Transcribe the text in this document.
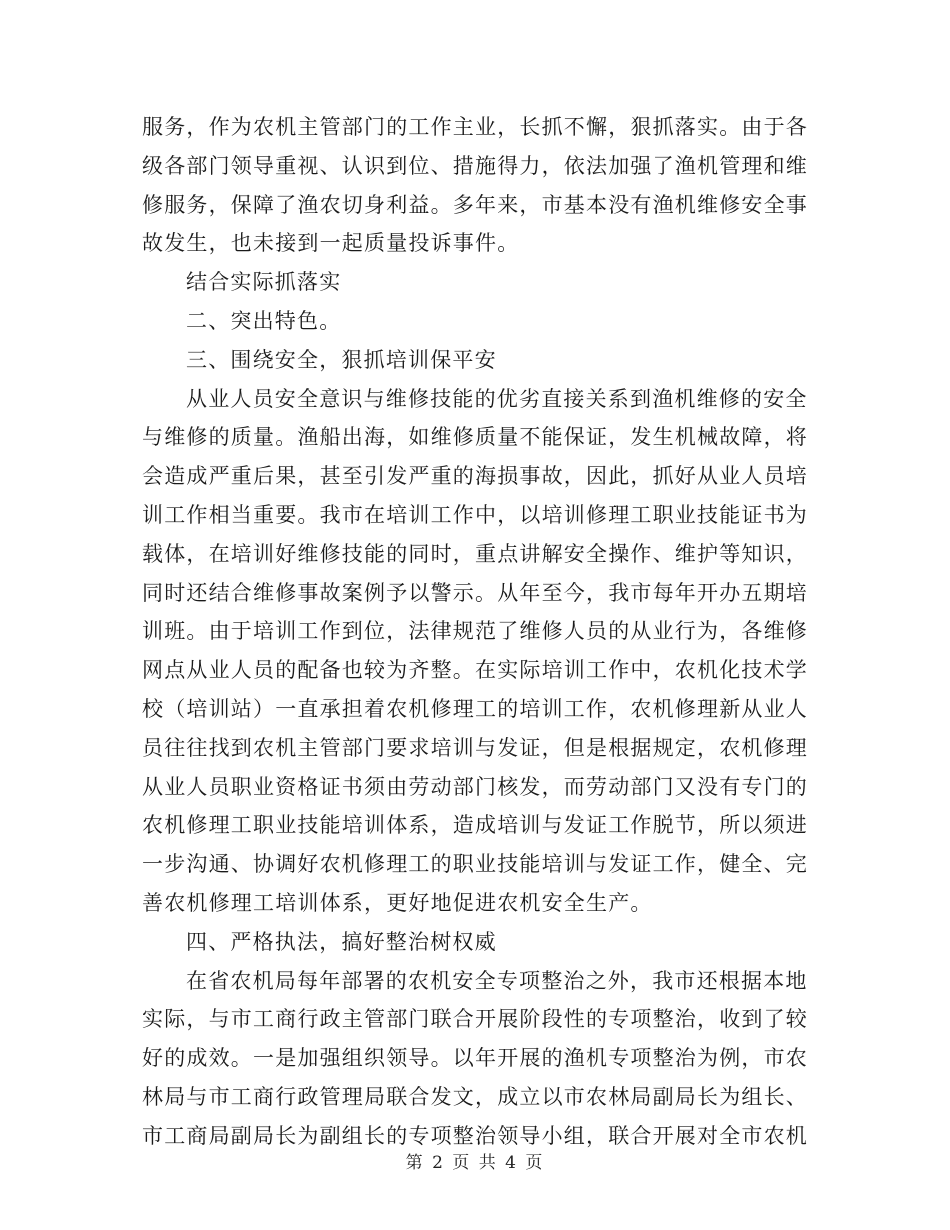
服务，作为农机主管部门的工作主业，长抓不懈，狠抓落实。由于各
级各部门领导重视、认识到位、措施得力，依法加强了渔机管理和维
修服务，保障了渔农切身利益。多年来，市基本没有渔机维修安全事
故发生，也未接到一起质量投诉事件。
结合实际抓落实
二、突出特色。
三、围绕安全，狠抓培训保平安
从业人员安全意识与维修技能的优劣直接关系到渔机维修的安全
与维修的质量。渔船出海，如维修质量不能保证，发生机械故障，将
会造成严重后果，甚至引发严重的海损事故，因此，抓好从业人员培
训工作相当重要。我市在培训工作中，以培训修理工职业技能证书为
载体，在培训好维修技能的同时，重点讲解安全操作、维护等知识，
同时还结合维修事故案例予以警示。从年至今，我市每年开办五期培
训班。由于培训工作到位，法律规范了维修人员的从业行为，各维修
网点从业人员的配备也较为齐整。在实际培训工作中，农机化技术学
校（培训站）一直承担着农机修理工的培训工作，农机修理新从业人
员往往找到农机主管部门要求培训与发证，但是根据规定，农机修理
从业人员职业资格证书须由劳动部门核发，而劳动部门又没有专门的
农机修理工职业技能培训体系，造成培训与发证工作脱节，所以须进
一步沟通、协调好农机修理工的职业技能培训与发证工作，健全、完
善农机修理工培训体系，更好地促进农机安全生产。
四、严格执法，搞好整治树权威
在省农机局每年部署的农机安全专项整治之外，我市还根据本地
实际，与市工商行政主管部门联合开展阶段性的专项整治，收到了较
好的成效。一是加强组织领导。以年开展的渔机专项整治为例，市农
林局与市工商行政管理局联合发文，成立以市农林局副局长为组长、
市工商局副局长为副组长的专项整治领导小组，联合开展对全市农机
第 2 页 共 4 页
